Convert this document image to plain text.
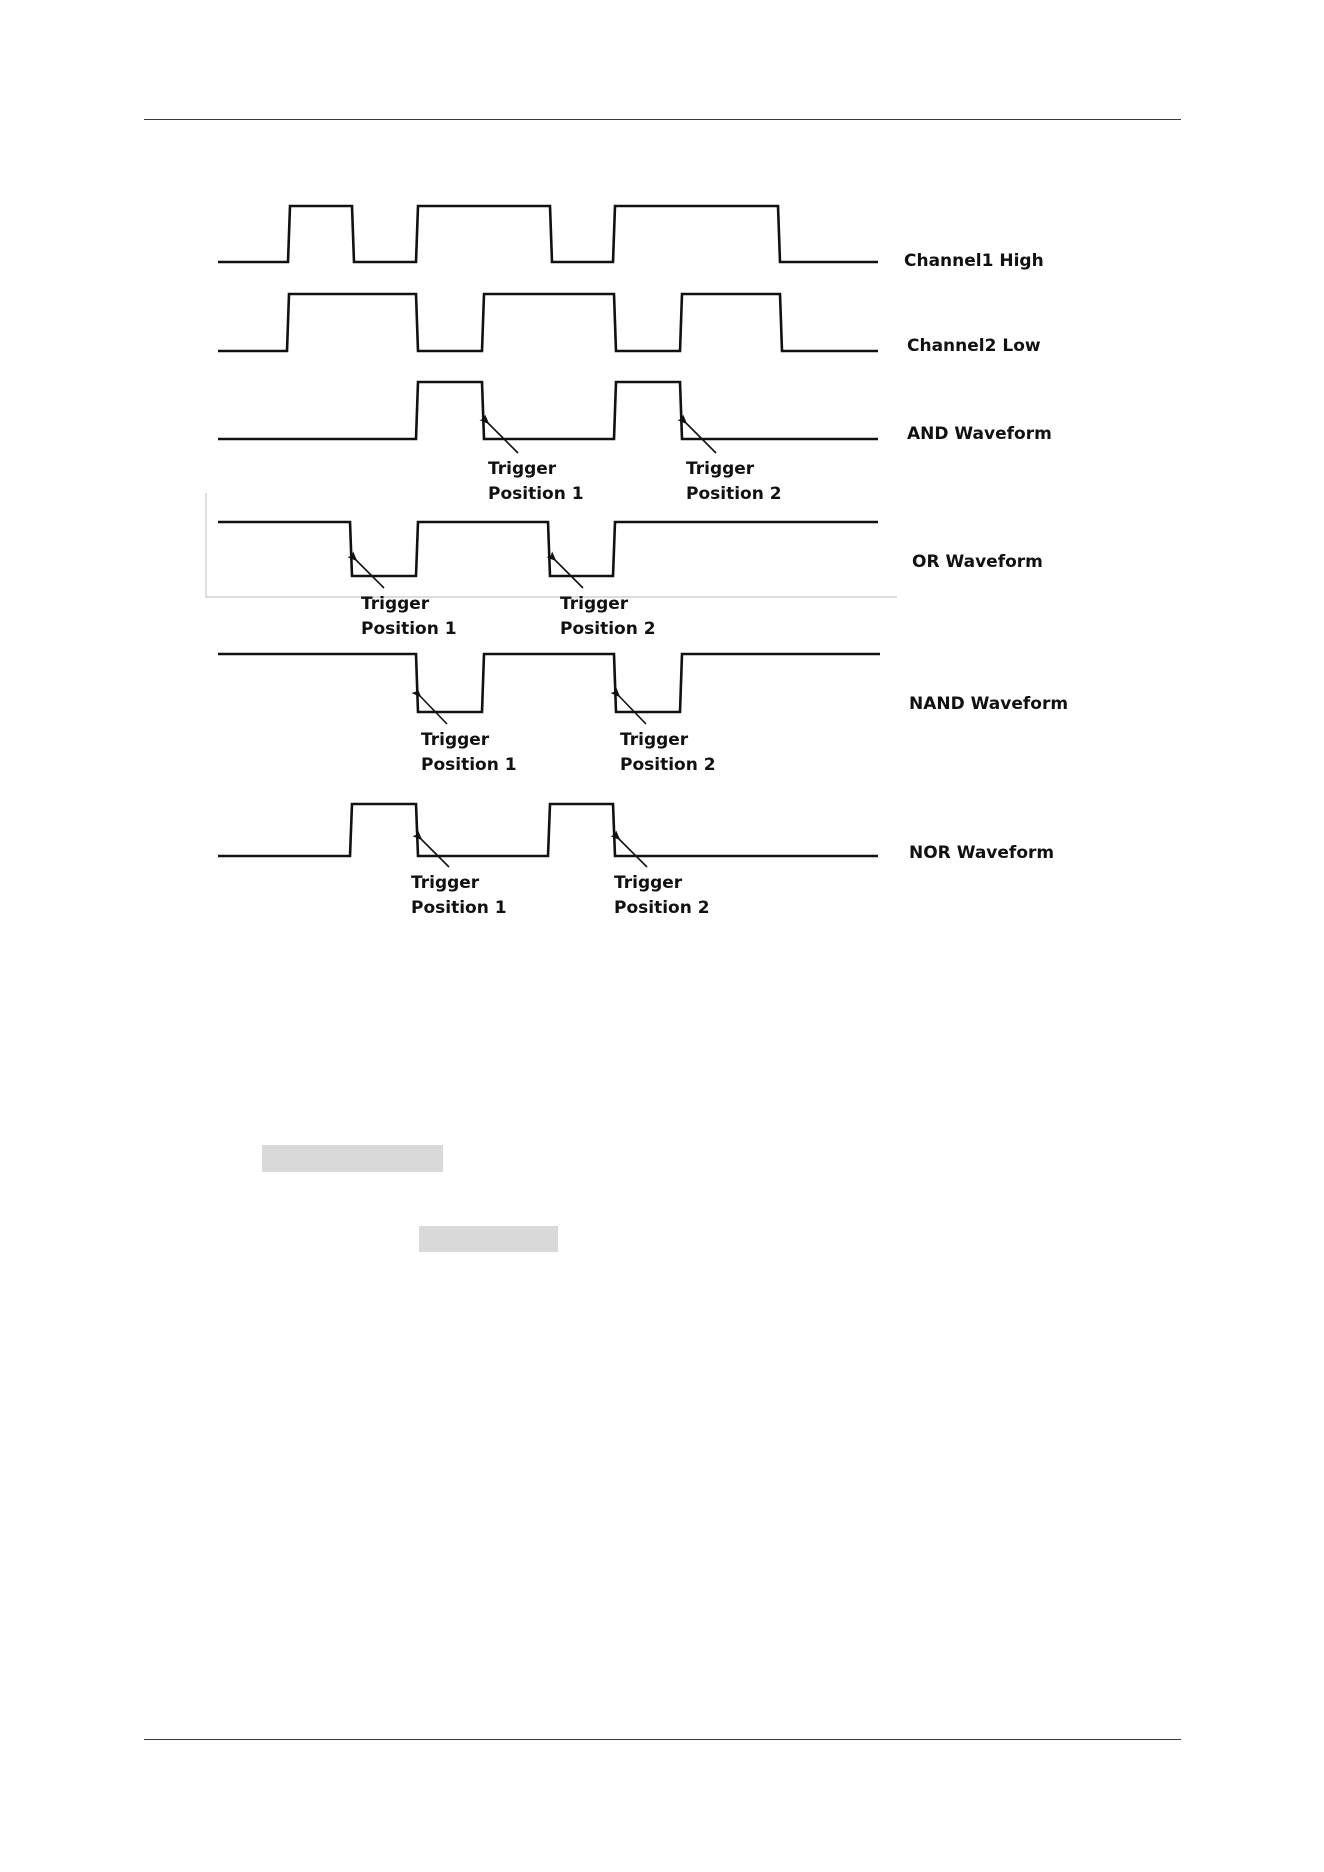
Channel1 High
Channel2 Low
AND Waveform
Trigger
Position 1
Trigger
Position 2
OR Waveform
Trigger
Position 1
Trigger
Position 2
NAND Waveform
Trigger
Position 1
Trigger
Position 2
NOR Waveform
Trigger
Position 1
Trigger
Position 2
